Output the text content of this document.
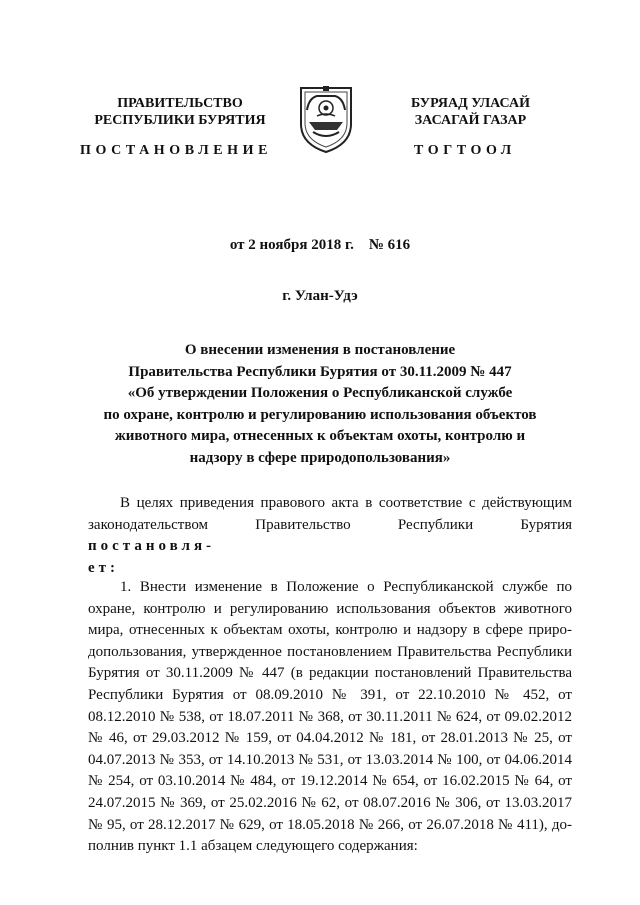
ПРАВИТЕЛЬСТВО
РЕСПУБЛИКИ БУРЯТИЯ
БУРЯАД УЛАСАЙ
ЗАСАГАЙ ГАЗАР
ПОСТАНОВЛЕНИЕ	ТОГТООЛ
от 2 ноября 2018 г.    № 616
г. Улан-Удэ
О внесении изменения в постановление
Правительства Республики Бурятия от 30.11.2009 № 447
«Об утверждении Положения о Республиканской службе
по охране, контролю и регулированию использования объектов
животного мира, отнесенных к объектам охоты, контролю и
надзору в сфере природопользования»
В целях приведения правового акта в соответствие с действующим законодательством Правительство Республики Бурятия постановля-
ет:
1. Внести изменение в Положение о Республиканской службе по охране, контролю и регулированию использования объектов животного мира, отнесенных к объектам охоты, контролю и надзору в сфере природопользования, утвержденное постановлением Правительства Республики Бурятия от 30.11.2009 № 447 (в редакции постановлений Правительства Республики Бурятия от 08.09.2010 № 391, от 22.10.2010 № 452, от 08.12.2010 № 538, от 18.07.2011 № 368, от 30.11.2011 № 624, от 09.02.2012 № 46, от 29.03.2012 № 159, от 04.04.2012 № 181, от 28.01.2013 № 25, от 04.07.2013 № 353, от 14.10.2013 № 531, от 13.03.2014 № 100, от 04.06.2014 № 254, от 03.10.2014 № 484, от 19.12.2014 № 654, от 16.02.2015 № 64, от 24.07.2015 № 369, от 25.02.2016 № 62, от 08.07.2016 № 306, от 13.03.2017 № 95, от 28.12.2017 № 629, от 18.05.2018 № 266, от 26.07.2018 № 411), дополнив пункт 1.1 абзацем следующего содержания:
